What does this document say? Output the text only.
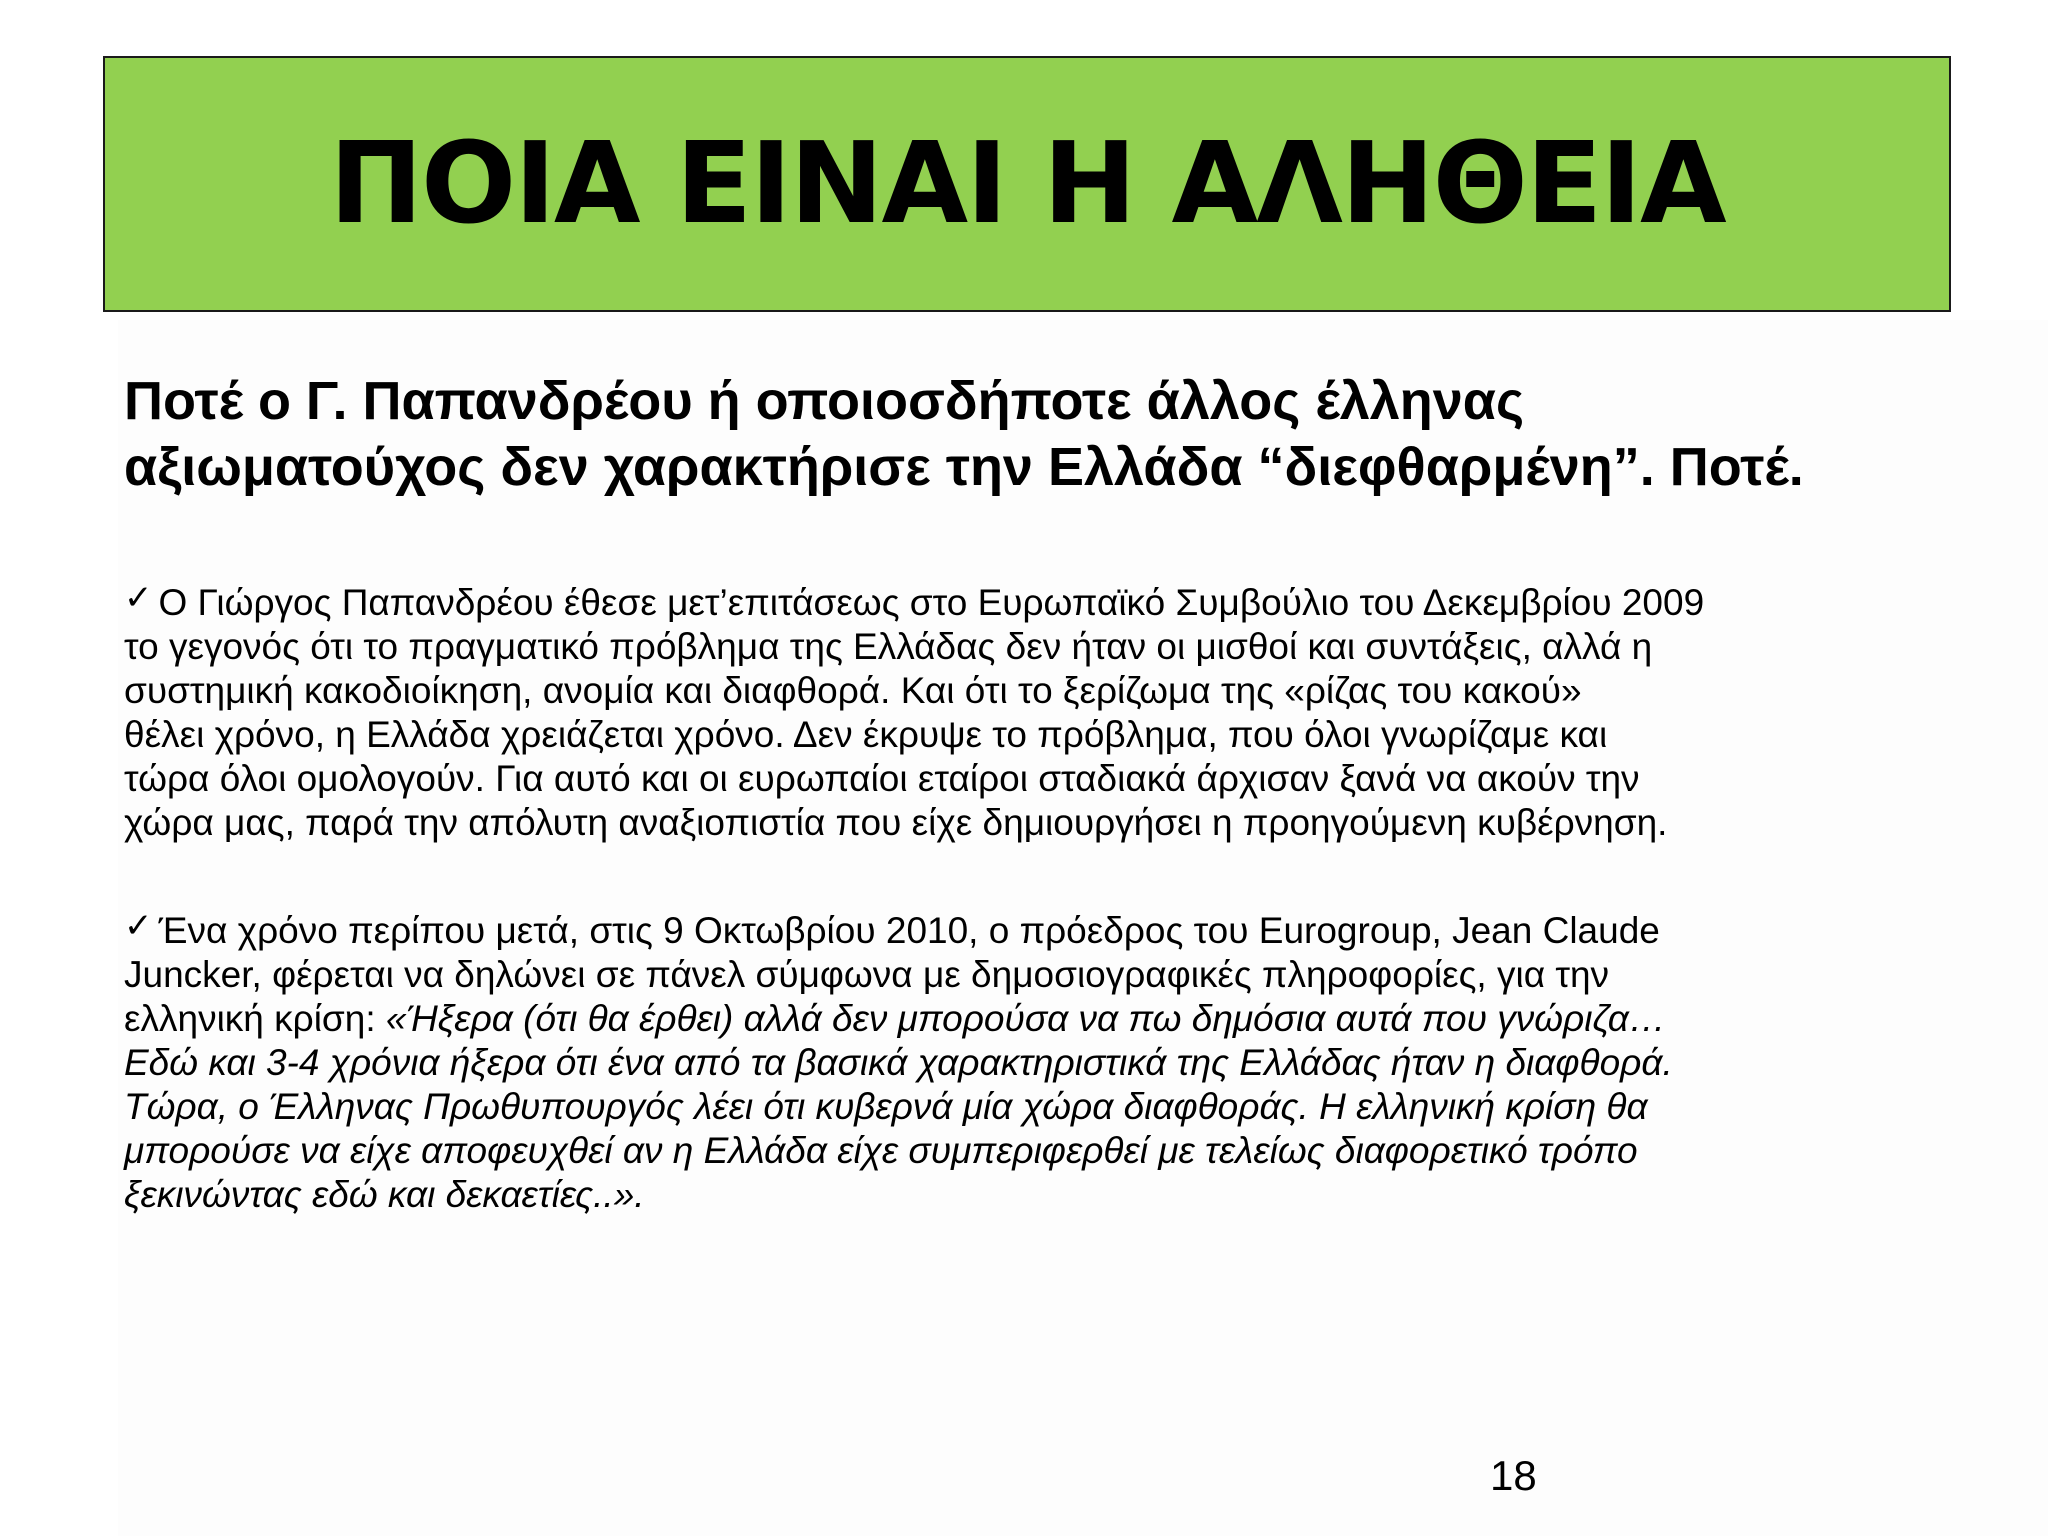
ΠΟΙΑ ΕΙΝΑΙ Η ΑΛΗΘΕΙΑ
Ποτέ ο Γ. Παπανδρέου ή οποιοσδήποτε άλλος έλληνας
αξιωματούχος δεν χαρακτήρισε την Ελλάδα “διεφθαρμένη”. Ποτέ.
✓ Ο Γιώργος Παπανδρέου έθεσε μετ’επιτάσεως στο Ευρωπαϊκό Συμβούλιο του Δεκεμβρίου 2009
το γεγονός ότι το πραγματικό πρόβλημα της Ελλάδας δεν ήταν οι μισθοί και συντάξεις, αλλά η
συστημική κακοδιοίκηση, ανομία και διαφθορά. Και ότι το ξερίζωμα της «ρίζας του κακού»
θέλει χρόνο, η Ελλάδα χρειάζεται χρόνο. Δεν έκρυψε το πρόβλημα, που όλοι γνωρίζαμε και
τώρα όλοι ομολογούν. Για αυτό και οι ευρωπαίοι εταίροι σταδιακά άρχισαν ξανά να ακούν την
χώρα μας, παρά την απόλυτη αναξιοπιστία που είχε δημιουργήσει η προηγούμενη κυβέρνηση.
✓ Ένα χρόνο περίπου μετά, στις 9 Οκτωβρίου 2010, ο πρόεδρος του Eurogroup, Jean Claude
Juncker, φέρεται να δηλώνει σε πάνελ σύμφωνα με δημοσιογραφικές πληροφορίες, για την
ελληνική κρίση: «Ήξερα (ότι θα έρθει) αλλά δεν μπορούσα να πω δημόσια αυτά που γνώριζα…
Εδώ και 3-4 χρόνια ήξερα ότι ένα από τα βασικά χαρακτηριστικά της Ελλάδας ήταν η διαφθορά.
Τώρα, ο Έλληνας Πρωθυπουργός λέει ότι κυβερνά μία χώρα διαφθοράς. Η ελληνική κρίση θα
μπορούσε να είχε αποφευχθεί αν η Ελλάδα είχε συμπεριφερθεί με τελείως διαφορετικό τρόπο
ξεκινώντας εδώ και δεκαετίες..».
18
